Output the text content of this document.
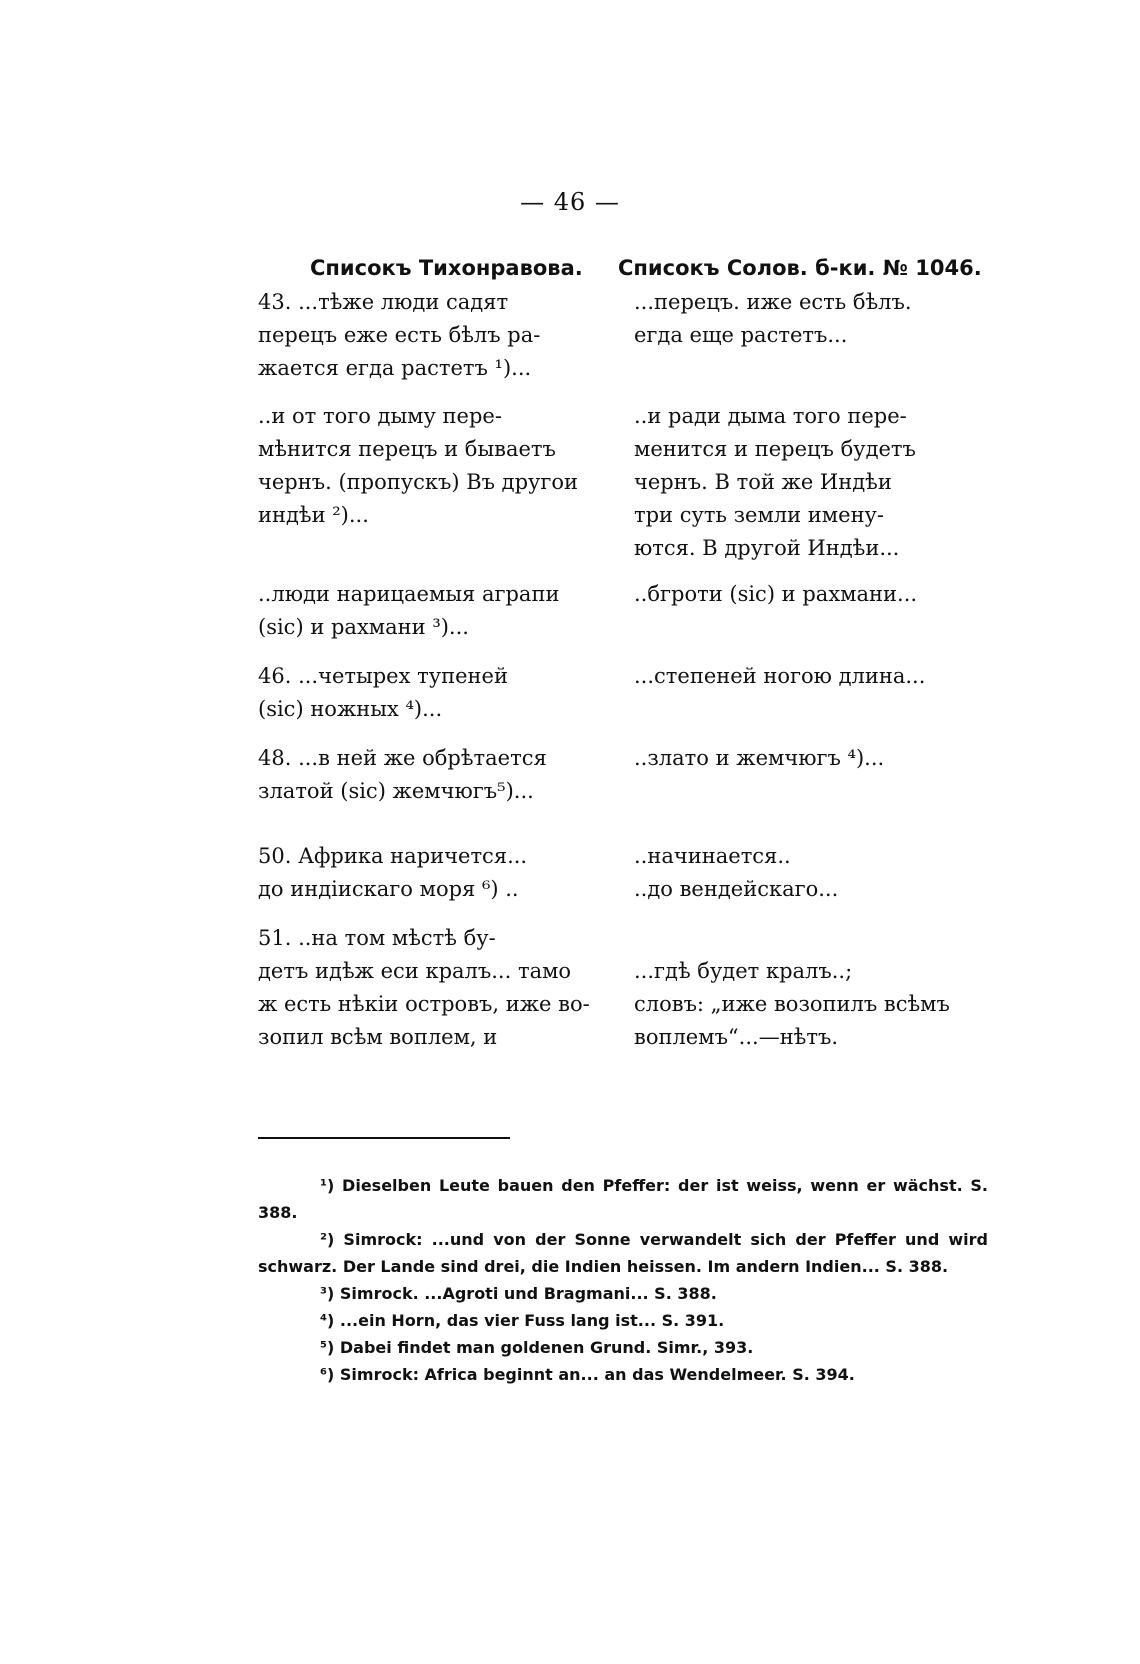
— 46 —
Списокъ Тихонравова. Списокъ Солов. б-ки. № 1046.

43. ...тѣже люди садят

перецъ еже есть бѣлъ ра-

жается егда растетъ ¹)...

..и от того дыму пере-

мѣнится перецъ и бываетъ

чернъ. (пропускъ) Въ другои

индѣи ²)...

..люди нарицаемыя аграпи

(sic) и рахмани ³)...

46. ...четырех тупеней

(sic) ножных ⁴)...

48. ...в ней же обрѣтается

златой (sic) жемчюгъ⁵)...

50. Африка наричется...

до индіискаго моря ⁶) ..

51. ..на том мѣстѣ бу-

детъ идѣж еси кралъ... тамо

ж есть нѣкіи островъ, иже во-

зопил всѣм воплем, и

...перецъ. иже есть бѣлъ.

егда еще растетъ...

..и ради дыма того пере-

менится и перецъ будетъ

чернъ. В той же Индѣи

три суть земли имену-

ются. В другой Индѣи...

..бгроти (sic) и рахмани...

...степеней ногою длина...

..злато и жемчюгъ ⁴)...

..начинается..

..до вендейскаго...

...гдѣ будет кралъ..;

словъ: „иже возопилъ всѣмъ

воплемъ“...—нѣтъ.

¹) Dieselben Leute bauen den Pfeffer: der ist weiss, wenn er wächst. S. 388.

²) Simrock: ...und von der Sonne verwandelt sich der Pfeffer und wird schwarz. Der Lande sind drei, die Indien heissen. Im andern Indien... S. 388.

³) Simrock. ...Agroti und Bragmani... S. 388.

⁴) ...ein Horn, das vier Fuss lang ist... S. 391.

⁵) Dabei findet man goldenen Grund. Simr., 393.

⁶) Simrock: Africa beginnt an... an das Wendelmeer. S. 394.
